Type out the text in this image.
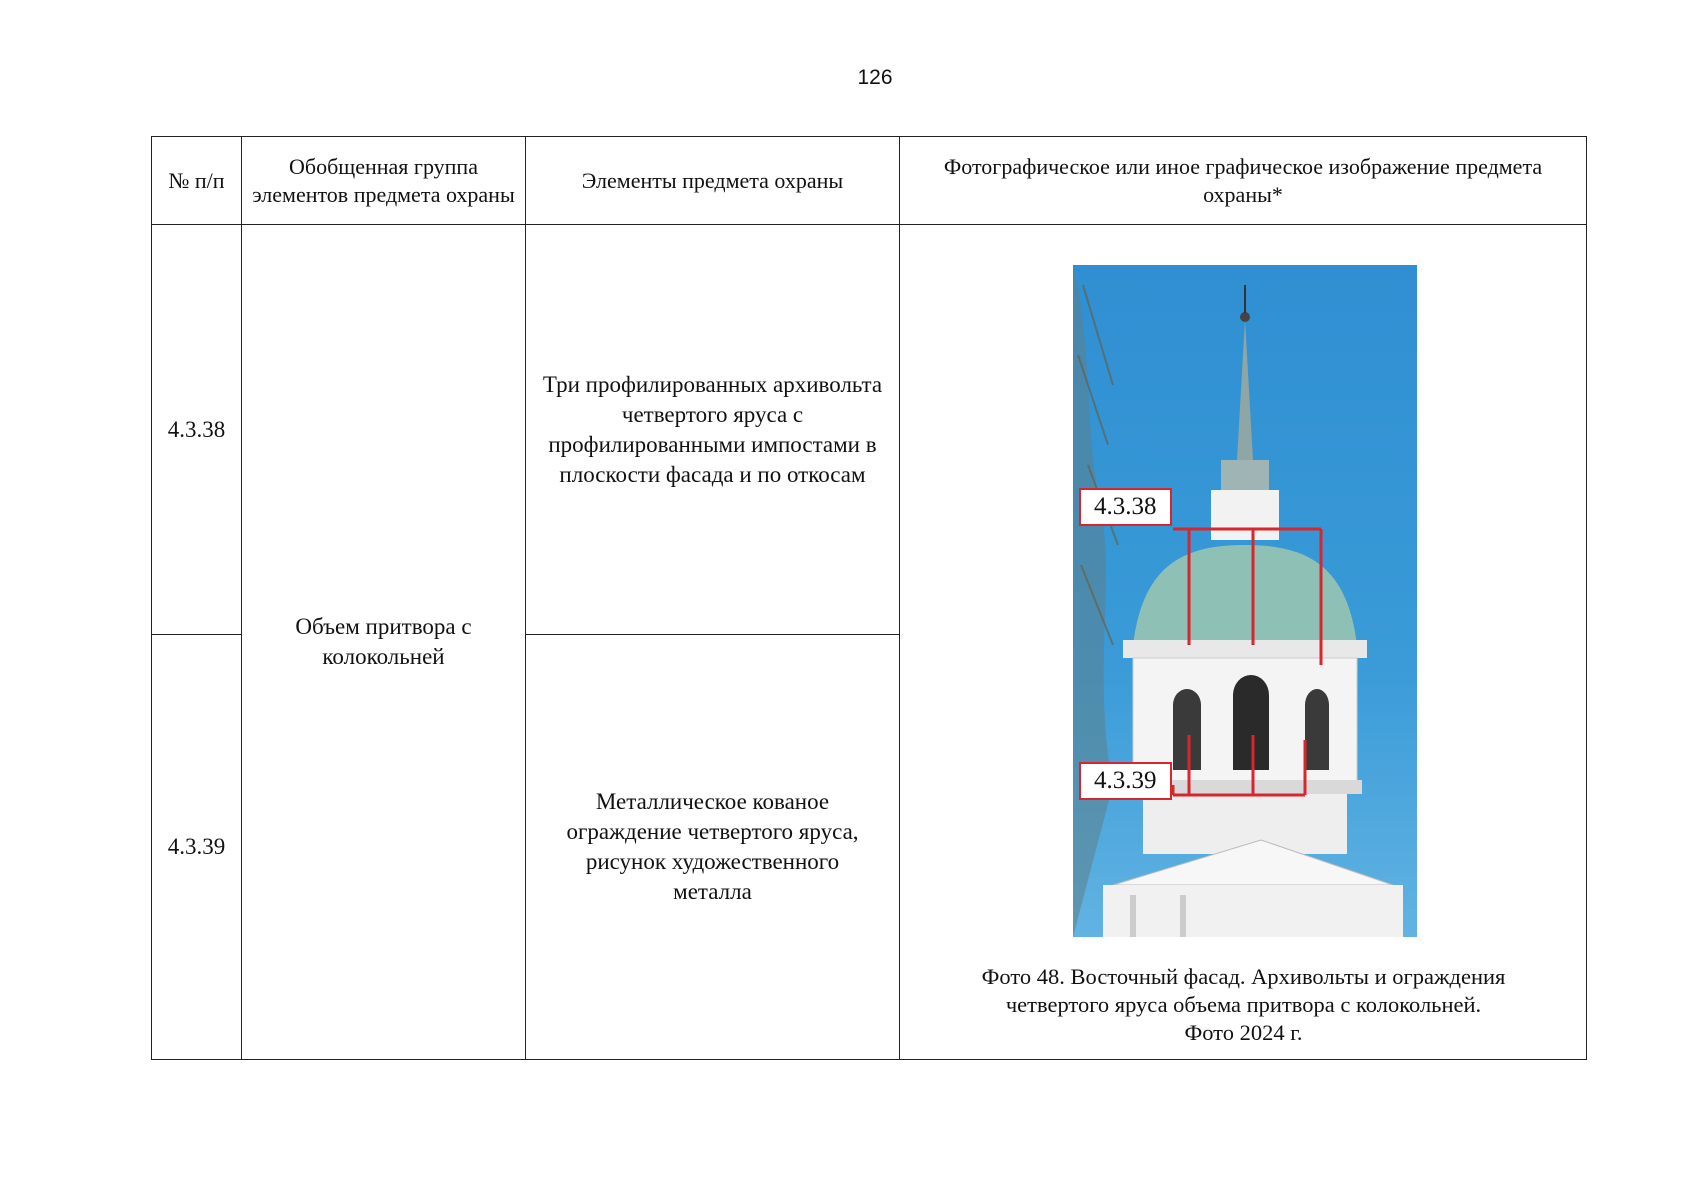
126
№ п/п	Обобщенная группа элементов предмета охраны	Элементы предмета охраны	Фотографическое или иное графическое изображение предмета охраны*
4.3.38	Объем притвора с колокольней	Три профилированных архивольта четвертого яруса с профилированными импостами в плоскости фасада и по откосам	4.3.38
4.3.39
Фото 48. Восточный фасад. Архивольты и ограждения
четвертого яруса объема притвора с колокольней.
Фото 2024 г.

4.3.39		Металлическое кованое ограждение четвертого яруса, рисунок художественного металла	
